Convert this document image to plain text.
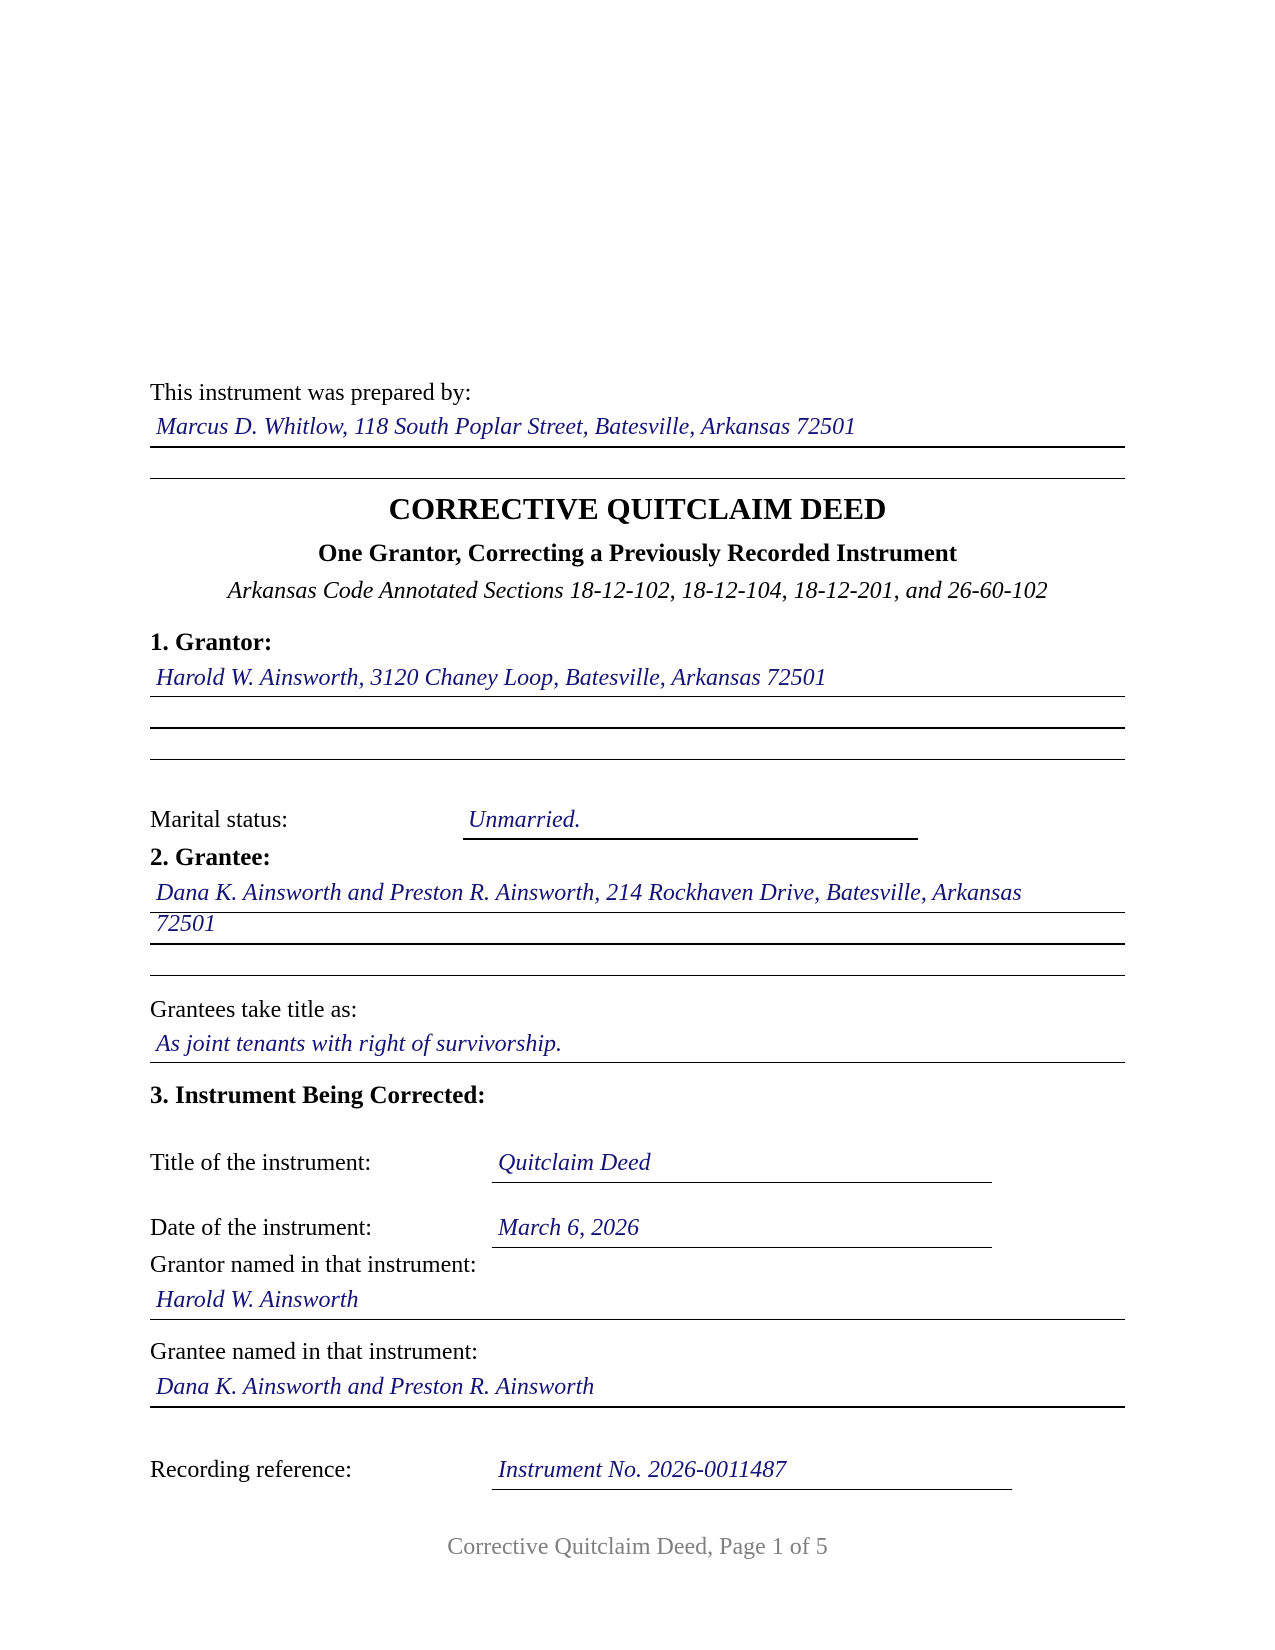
This instrument was prepared by:
Marcus D. Whitlow, 118 South Poplar Street, Batesville, Arkansas 72501
CORRECTIVE QUITCLAIM DEED
One Grantor, Correcting a Previously Recorded Instrument
Arkansas Code Annotated Sections 18-12-102, 18-12-104, 18-12-201, and 26-60-102
1. Grantor:
Harold W. Ainsworth, 3120 Chaney Loop, Batesville, Arkansas 72501
Marital status:	Unmarried.
2. Grantee:
Dana K. Ainsworth and Preston R. Ainsworth, 214 Rockhaven Drive, Batesville, Arkansas
72501
Grantees take title as:
As joint tenants with right of survivorship.
3. Instrument Being Corrected:
Title of the instrument:	Quitclaim Deed
Date of the instrument:	March 6, 2026
Grantor named in that instrument:
Harold W. Ainsworth
Grantee named in that instrument:
Dana K. Ainsworth and Preston R. Ainsworth
Recording reference:	Instrument No. 2026-0011487
Corrective Quitclaim Deed, Page 1 of 5
